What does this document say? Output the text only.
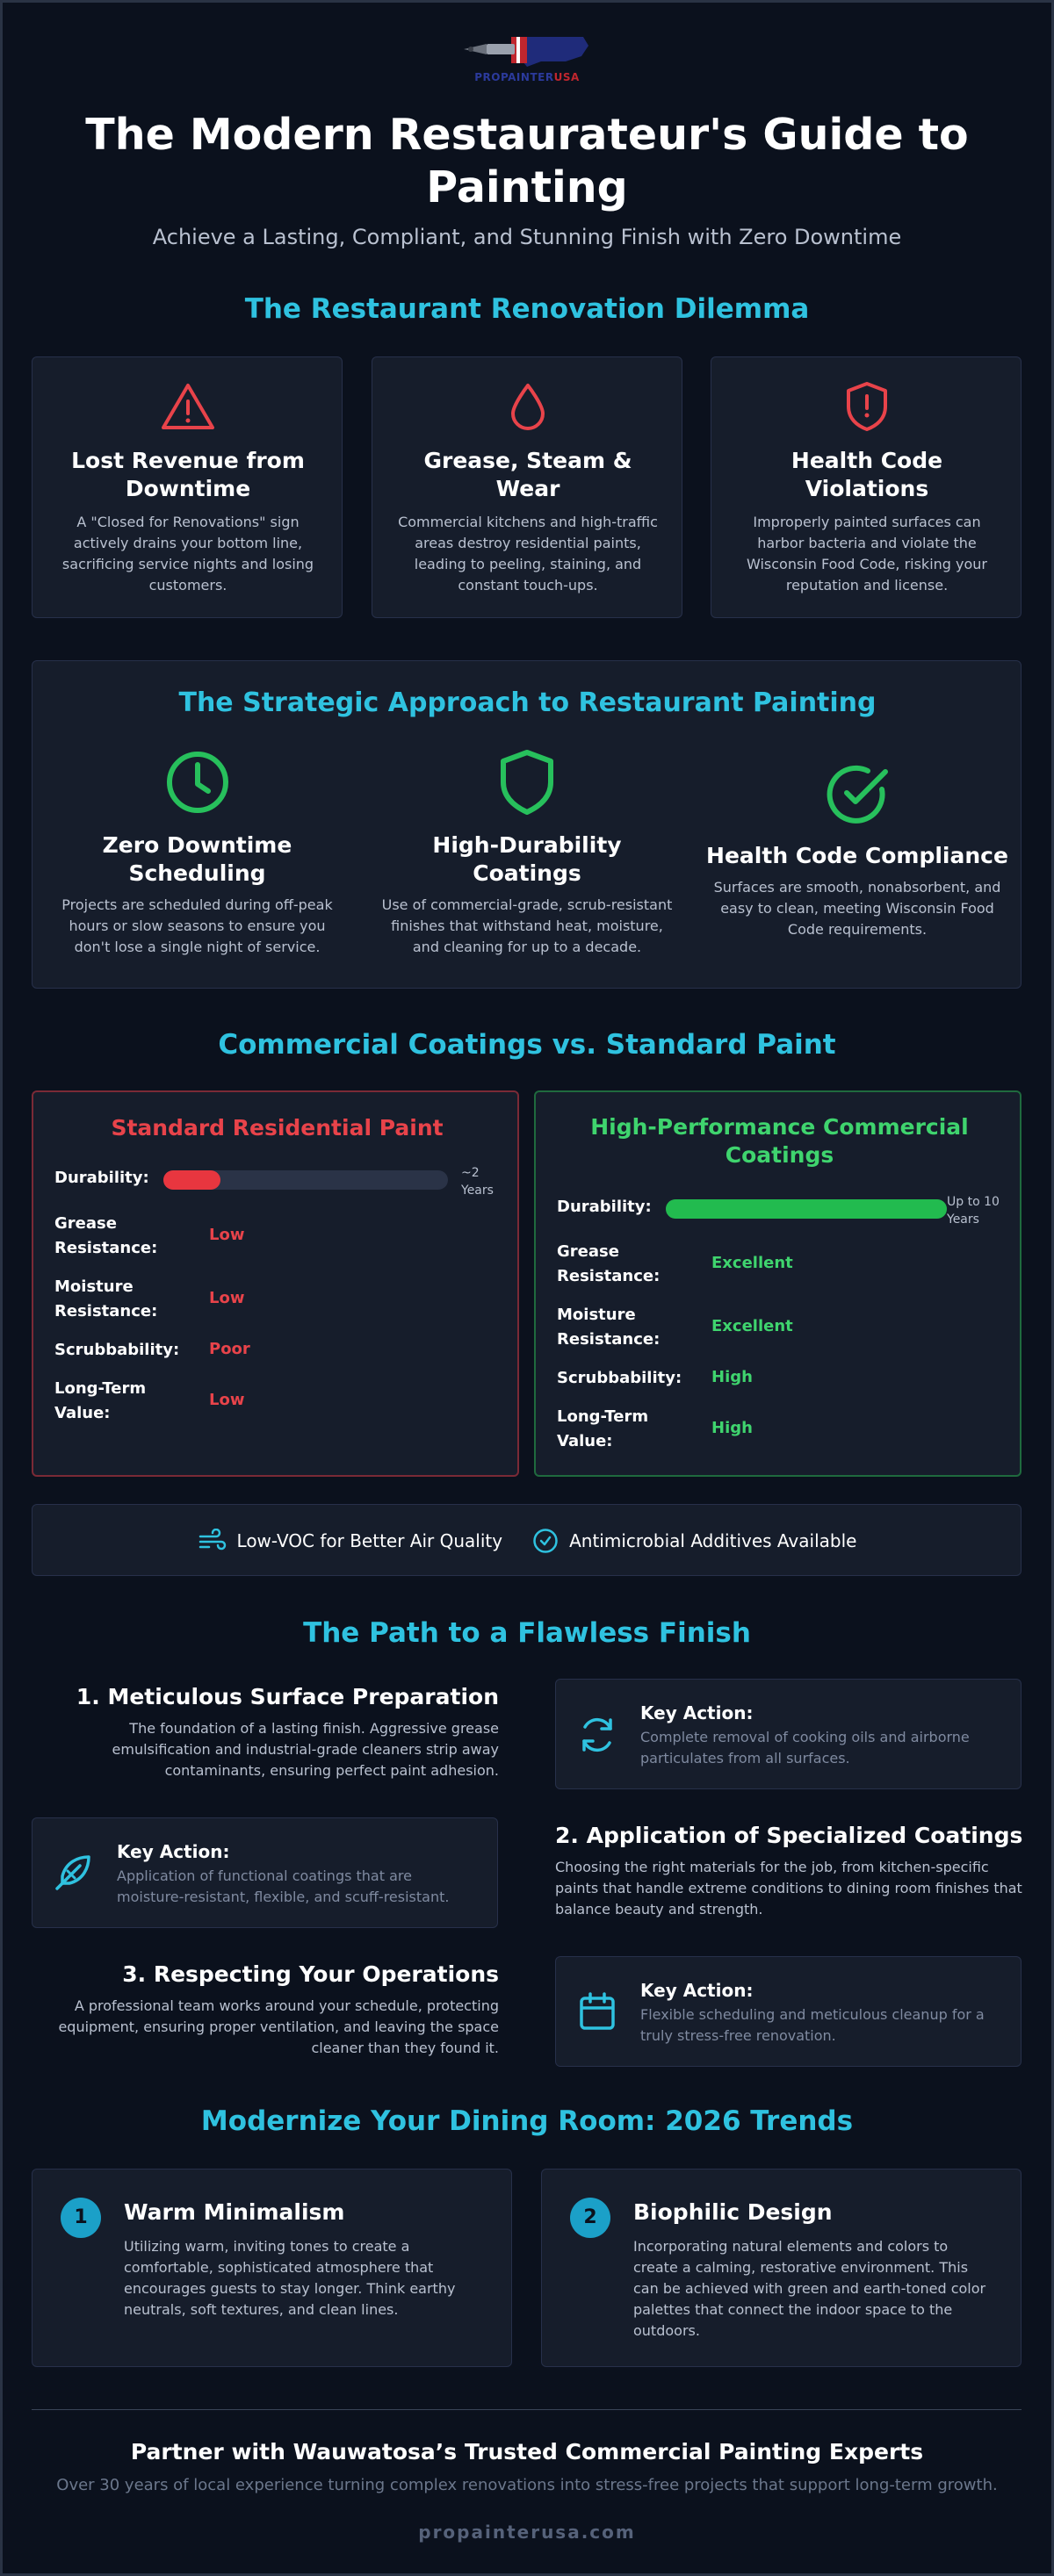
PROPAINTERUSA
The Modern Restaurateur's Guide to
Painting
Achieve a Lasting, Compliant, and Stunning Finish with Zero Downtime
The Restaurant Renovation Dilemma
Lost Revenue from
Downtime
A "Closed for Renovations" sign
actively drains your bottom line,
sacrificing service nights and losing
customers.
Grease, Steam &
Wear
Commercial kitchens and high-traffic
areas destroy residential paints,
leading to peeling, staining, and
constant touch-ups.
Health Code
Violations
Improperly painted surfaces can
harbor bacteria and violate the
Wisconsin Food Code, risking your
reputation and license.
The Strategic Approach to Restaurant Painting
Zero Downtime
Scheduling
Projects are scheduled during off-peak
hours or slow seasons to ensure you
don't lose a single night of service.
High-Durability
Coatings
Use of commercial-grade, scrub-resistant
finishes that withstand heat, moisture,
and cleaning for up to a decade.
Health Code Compliance
Surfaces are smooth, nonabsorbent, and
easy to clean, meeting Wisconsin Food
Code requirements.
Commercial Coatings vs. Standard Paint
Standard Residential Paint
Durability:	~2
Years
Grease
Resistance:
Low
Moisture
Resistance:
Low
Scrubbability:	Poor
Long-Term
Value:
Low
High-Performance Commercial
Coatings
Durability:	Up to 10
Years
Grease
Resistance:
Excellent
Moisture
Resistance:
Excellent
Scrubbability:	High
Long-Term
Value:
High
Low-VOC for Better Air Quality	Antimicrobial Additives Available
The Path to a Flawless Finish
1. Meticulous Surface Preparation
The foundation of a lasting finish. Aggressive grease
emulsification and industrial-grade cleaners strip away
contaminants, ensuring perfect paint adhesion.
Key Action:
Complete removal of cooking oils and airborne
particulates from all surfaces.
Key Action:
Application of functional coatings that are
moisture-resistant, flexible, and scuff-resistant.
2. Application of Specialized Coatings
Choosing the right materials for the job, from kitchen-specific
paints that handle extreme conditions to dining room finishes that
balance beauty and strength.
3. Respecting Your Operations
A professional team works around your schedule, protecting
equipment, ensuring proper ventilation, and leaving the space
cleaner than they found it.
Key Action:
Flexible scheduling and meticulous cleanup for a
truly stress-free renovation.
Modernize Your Dining Room: 2026 Trends
1	Warm Minimalism
Utilizing warm, inviting tones to create a
comfortable, sophisticated atmosphere that
encourages guests to stay longer. Think earthy
neutrals, soft textures, and clean lines.
2	Biophilic Design
Incorporating natural elements and colors to
create a calming, restorative environment. This
can be achieved with green and earth-toned color
palettes that connect the indoor space to the
outdoors.
Partner with Wauwatosa’s Trusted Commercial Painting Experts
Over 30 years of local experience turning complex renovations into stress-free projects that support long-term growth.
propainterusa.com
